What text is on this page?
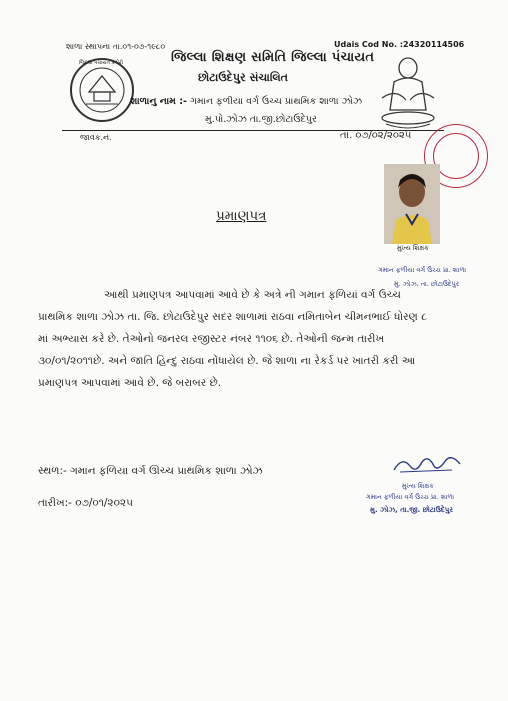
શાળા સ્થાપના તા.૦૧-૦૭-૧૯૮૦	Udais Cod No. :24320114506
જિલ્લા પંચાયત કચેરી	જિલ્લા શિક્ષણ સમિતિ જિલ્લા પંચાયત
છોટાઉદેપુર સંચાલિત
શાળાનુ નામ :- ગમાન ફળીયા વર્ગ ઉચ્ચ પ્રાથમિક શાળા ઝોઝ
મુ.પો.ઝોઝ તા.જી.છોટાઉદેપુર
જાવક.નં.	તા. ૦૭/૦૨/૨૦૨૫
મુખ્ય શિક્ષક
ગમાન ફળીયા વર્ગ ઉચ્ચ પ્રા. શાળા
મુ. ઝોઝ, તા. છોટાઉદેપુર
પ્રમાણપત્ર
આથી પ્રમાણપત્ર આપવામાં આવે છે કે અત્રે ની ગમાન ફળિયાં વર્ગ ઉચ્ચ
પ્રાથમિક શાળા ઝોઝ તા. જિ. છોટાઉદેપુર સદર શાળામાં રાઠવા નમિતાબેન ચીમનભાઈ ધોરણ ૮
માં અભ્યાસ કરે છે. તેઓનો જનરલ રજીસ્ટર નંબર ૧૧૦૬ છે. તેઓની જન્મ તારીખ
૩૦/૦૧/૨૦૧૧છે. અને જાતિ હિન્દુ રાઠવા નોંધાયેલ છે. જે શાળા ના રેકર્ડ પર ખાતરી કરી આ
પ્રમાણપત્ર આપવામાં આવે છે. જે બરાબર છે.
સ્થળ:- ગમાન ફળિયા વર્ગ ઊચ્ચ પ્રાથમિક શાળા ઝોઝ
તારીખ:- ૦૭/૦૧/૨૦૨૫
મુખ્ય શિક્ષક
ગમાન ફળીયા વર્ગ ઉચ્ચ પ્રા. શાળા
મુ. ઝોઝ, તા.જી. છોટાઉદેપુર
